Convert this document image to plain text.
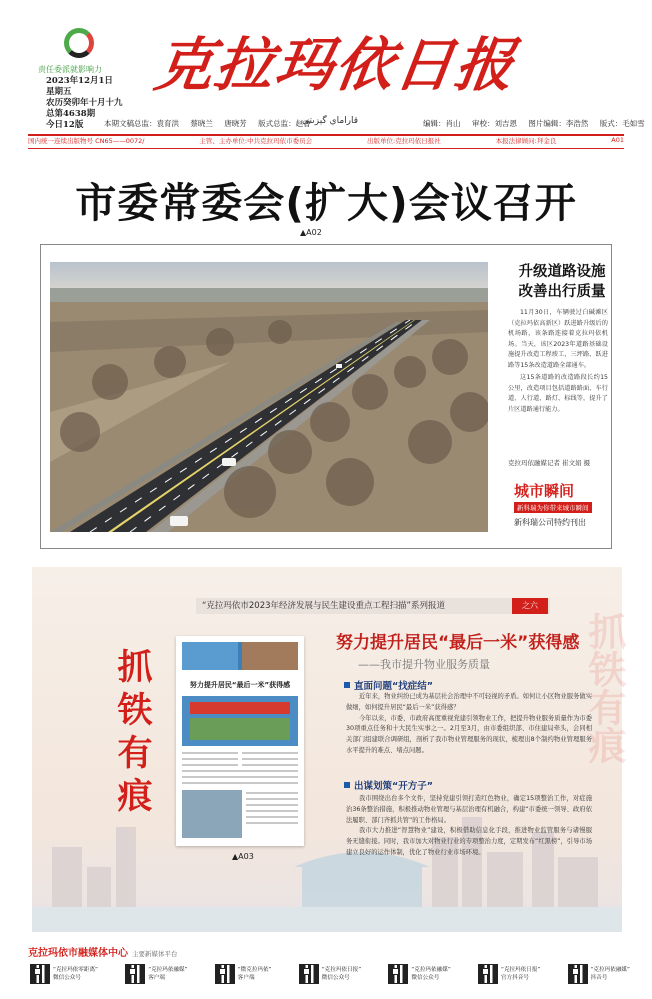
责任委派就影响力
2023年12月1日
星期五
农历癸卯年十月十九
总第4638期
今日12版
克拉玛依日报
قاراماي گېزىتى
本期文稿总监：袁育洪 蔡晓兰 唐晓芳 版式总监：赵香	编辑：肖山 审校：刘吉恩 图片编辑：李浩然 版式：毛如雪
国内统一连续出版物号 CN65——0072/	主管、主办单位:中共克拉玛依市委员会	出版单位:克拉玛依日报社	本报法律顾问:拜金良	A01
市委常委会(扩大)会议召开
▲A02
升级道路设施
改善出行质量

11月30日，车辆驶过白碱滩区（克拉玛依高新区）跃进路升级后的机场路，该条路连接着克拉玛依机场。当天，该区2023年道路基础设施提升改造工程竣工，三坪路、跃进路等15条改造道路全部通车。

这15条道路的改造路段长约15公里，改造项目包括道路路面、车行道、人行道、路灯、标线等，提升了片区道路通行能力。

克拉玛依融媒记者 崔文娟 摄
城市瞬间
新科瑞为你带来城市瞬间
新科瑞公司特约刊出
“克拉玛依市2023年经济发展与民生建设重点工程扫描”系列报道	之六
抓铁有痕
抓铁有痕	努力提升居民“最后一米”获得感
▲A03
努力提升居民“最后一米”获得感
——我市提升物业服务质量
直面问题“找症结”

近年来，物业纠纷已成为基层社会治理中不可轻视的矛盾。如何让小区物业服务做实做细，如何提升居民“最后一米”获得感？

今年以来，市委、市政府高度重视党建引领物业工作，把提升物业服务质量作为市委30项重点任务和十大民生实事之一。2月至3月，由市委组织部、市住建局牵头，会同相关部门组建联合调研组，剖析了我市物业管理服务的现状，梳理出8个制约物业管理服务水平提升的难点、堵点问题。

出谋划策“开方子”

我市围绕出台多个文件，坚持党建引领打造红色物业，确定15项整治工作，对症施治36条整治措施，积极推动物业管理与基层治理有机融合，构建“市委统一领导、政府依法履职、部门齐抓共管”的工作格局。

我市大力推进“智慧物业”建设，积极借助信息化手段，推进物业监管服务与诸慢服务无缝衔接。同时，我市加大对物业行业的专项整治力度，定期发布“红黑榜”，引导市场建立良好的运作体制，优化了物业行业市场环境。

克拉玛依市融媒体中心 主要新媒体平台
“克拉玛依零距离”
微信公众号
“克拉玛依融媒”
客户端
“微克拉玛依”
客户端
“克拉玛依日报”
微信公众号
“克拉玛依融媒”
微信公众号
“克拉玛依日报”
官方抖音号
“克拉玛依融媒”
抖音号
